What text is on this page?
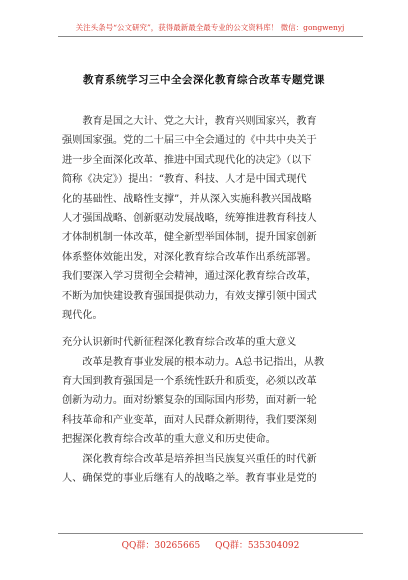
关注头条号“公文研究”，获得最新最全最专业的公文资料库！ 微信：gongwenyj
教育系统学习三中全会深化教育综合改革专题党课
　　教育是国之大计、党之大计，教育兴则国家兴，教育
强则国家强。党的二十届三中全会通过的《中共中央关于
进一步全面深化改革、推进中国式现代化的决定》（以下
简称《决定》）提出：“教育、科技、人才是中国式现代
化的基础性、战略性支撑”，并从深入实施科教兴国战略
人才强国战略、创新驱动发展战略，统筹推进教育科技人
才体制机制一体改革，健全新型举国体制，提升国家创新
体系整体效能出发，对深化教育综合改革作出系统部署。
我们要深入学习贯彻全会精神，通过深化教育综合改革，
不断为加快建设教育强国提供动力，有效支撑引领中国式
现代化。
充分认识新时代新征程深化教育综合改革的重大意义
　　改革是教育事业发展的根本动力。A总书记指出，从教
育大国到教育强国是一个系统性跃升和质变，必须以改革
创新为动力。面对纷繁复杂的国际国内形势，面对新一轮
科技革命和产业变革，面对人民群众新期待，我们要深刻
把握深化教育综合改革的重大意义和历史使命。
　　深化教育综合改革是培养担当民族复兴重任的时代新
人、确保党的事业后继有人的战略之举。教育事业是党的
QQ群：30265665 QQ群：535304092
